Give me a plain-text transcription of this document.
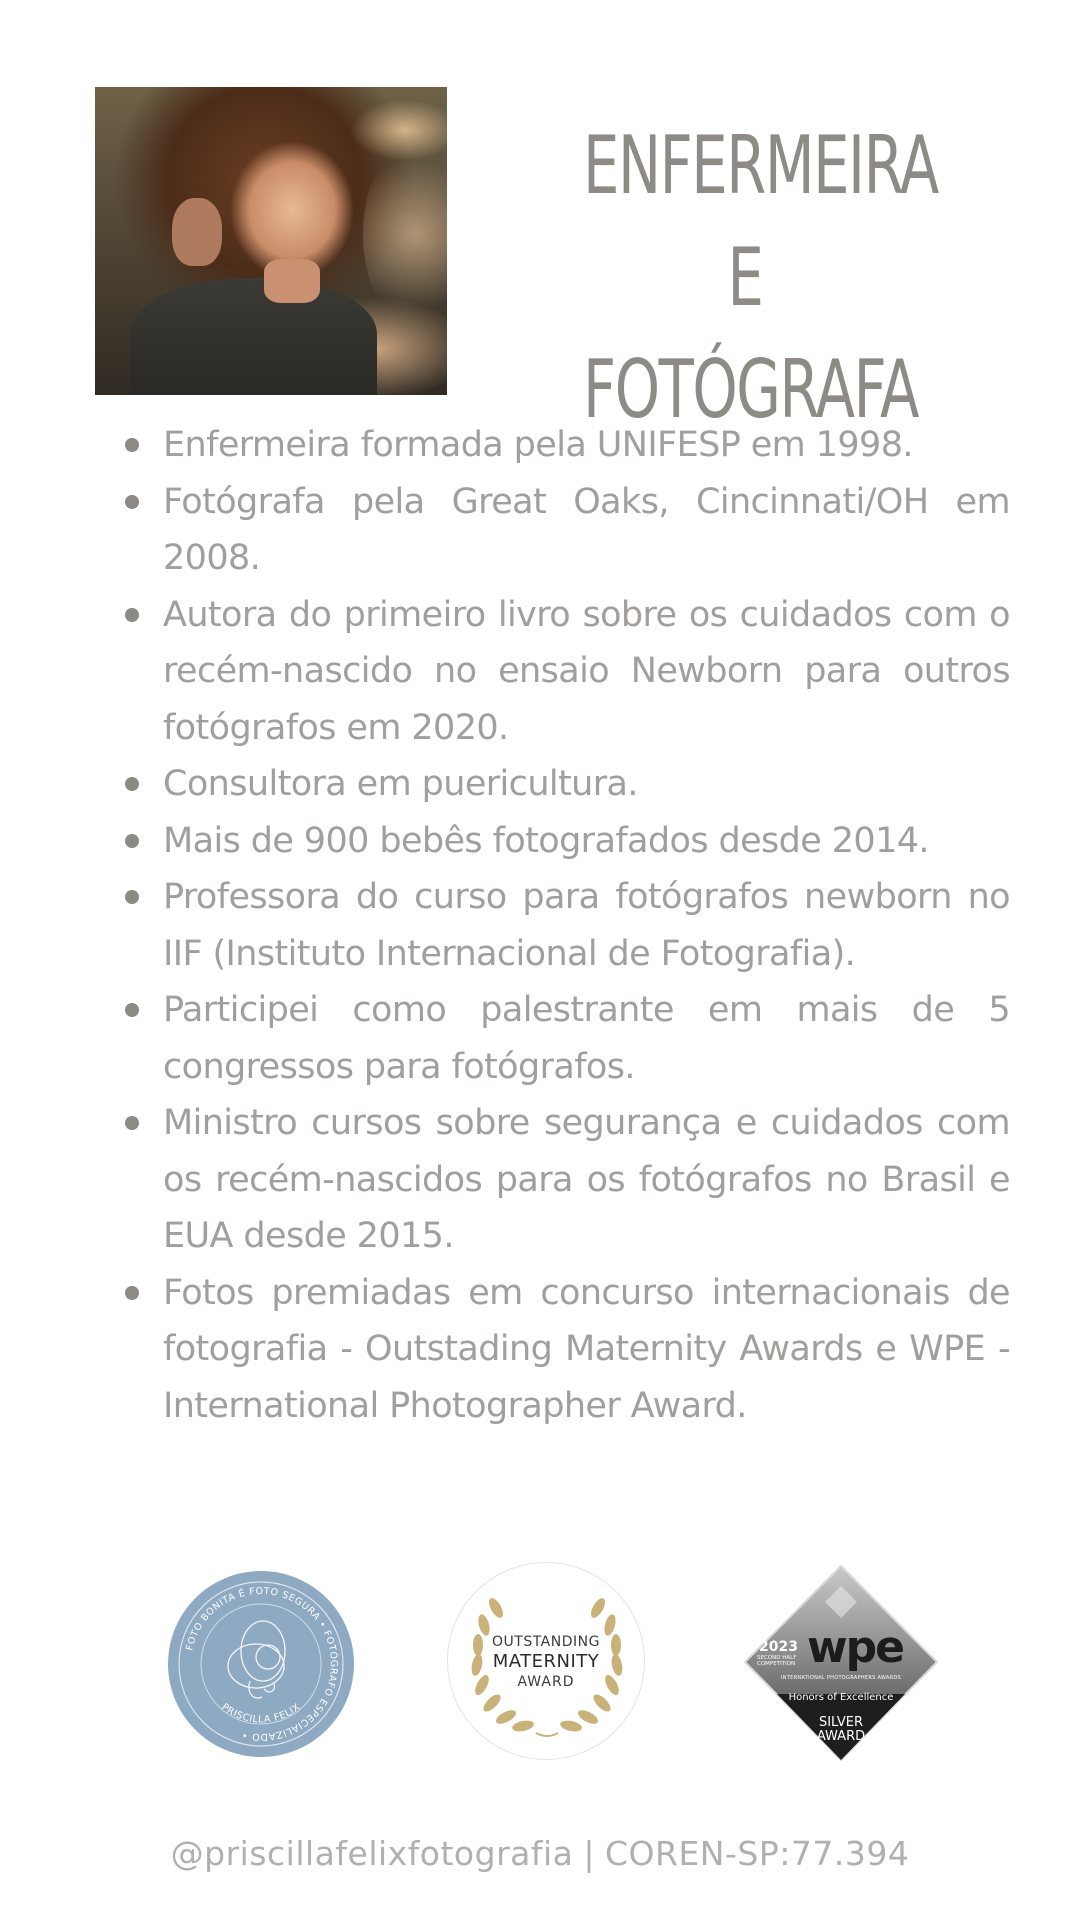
ENFERMEIRA E
FOTÓGRAFA
Enfermeira formada pela UNIFESP em 1998.
Fotógrafa pela Great Oaks, Cincinnati/OH em 2008.
Autora do primeiro livro sobre os cuidados com o recém-nascido no ensaio Newborn para outros fotógrafos em 2020.
Consultora em puericultura.
Mais de 900 bebês fotografados desde 2014.
Professora do curso para fotógrafos newborn no IIF (Instituto Internacional de Fotografia).
Participei como palestrante em mais de 5 congressos para fotógrafos.
Ministro cursos sobre segurança e cuidados com os recém-nascidos para os fotógrafos no Brasil e EUA desde 2015.
Fotos premiadas em concurso internacionais de fotografia - Outstading Maternity Awards e WPE - International Photographer Award.
FOTO BONITA É FOTO SEGURA • FOTÓGRAFO ESPECIALIZADO •
PRISCILLA FELIX
OUTSTANDING
MATERNITY
AWARD
2023
SECOND HALF COMPETITION wpe
INTERNATIONAL PHOTOGRAPHERS AWARDS
Honors of Excellence
SILVER
AWARD
@priscillafelixfotografia | COREN-SP:77.394
